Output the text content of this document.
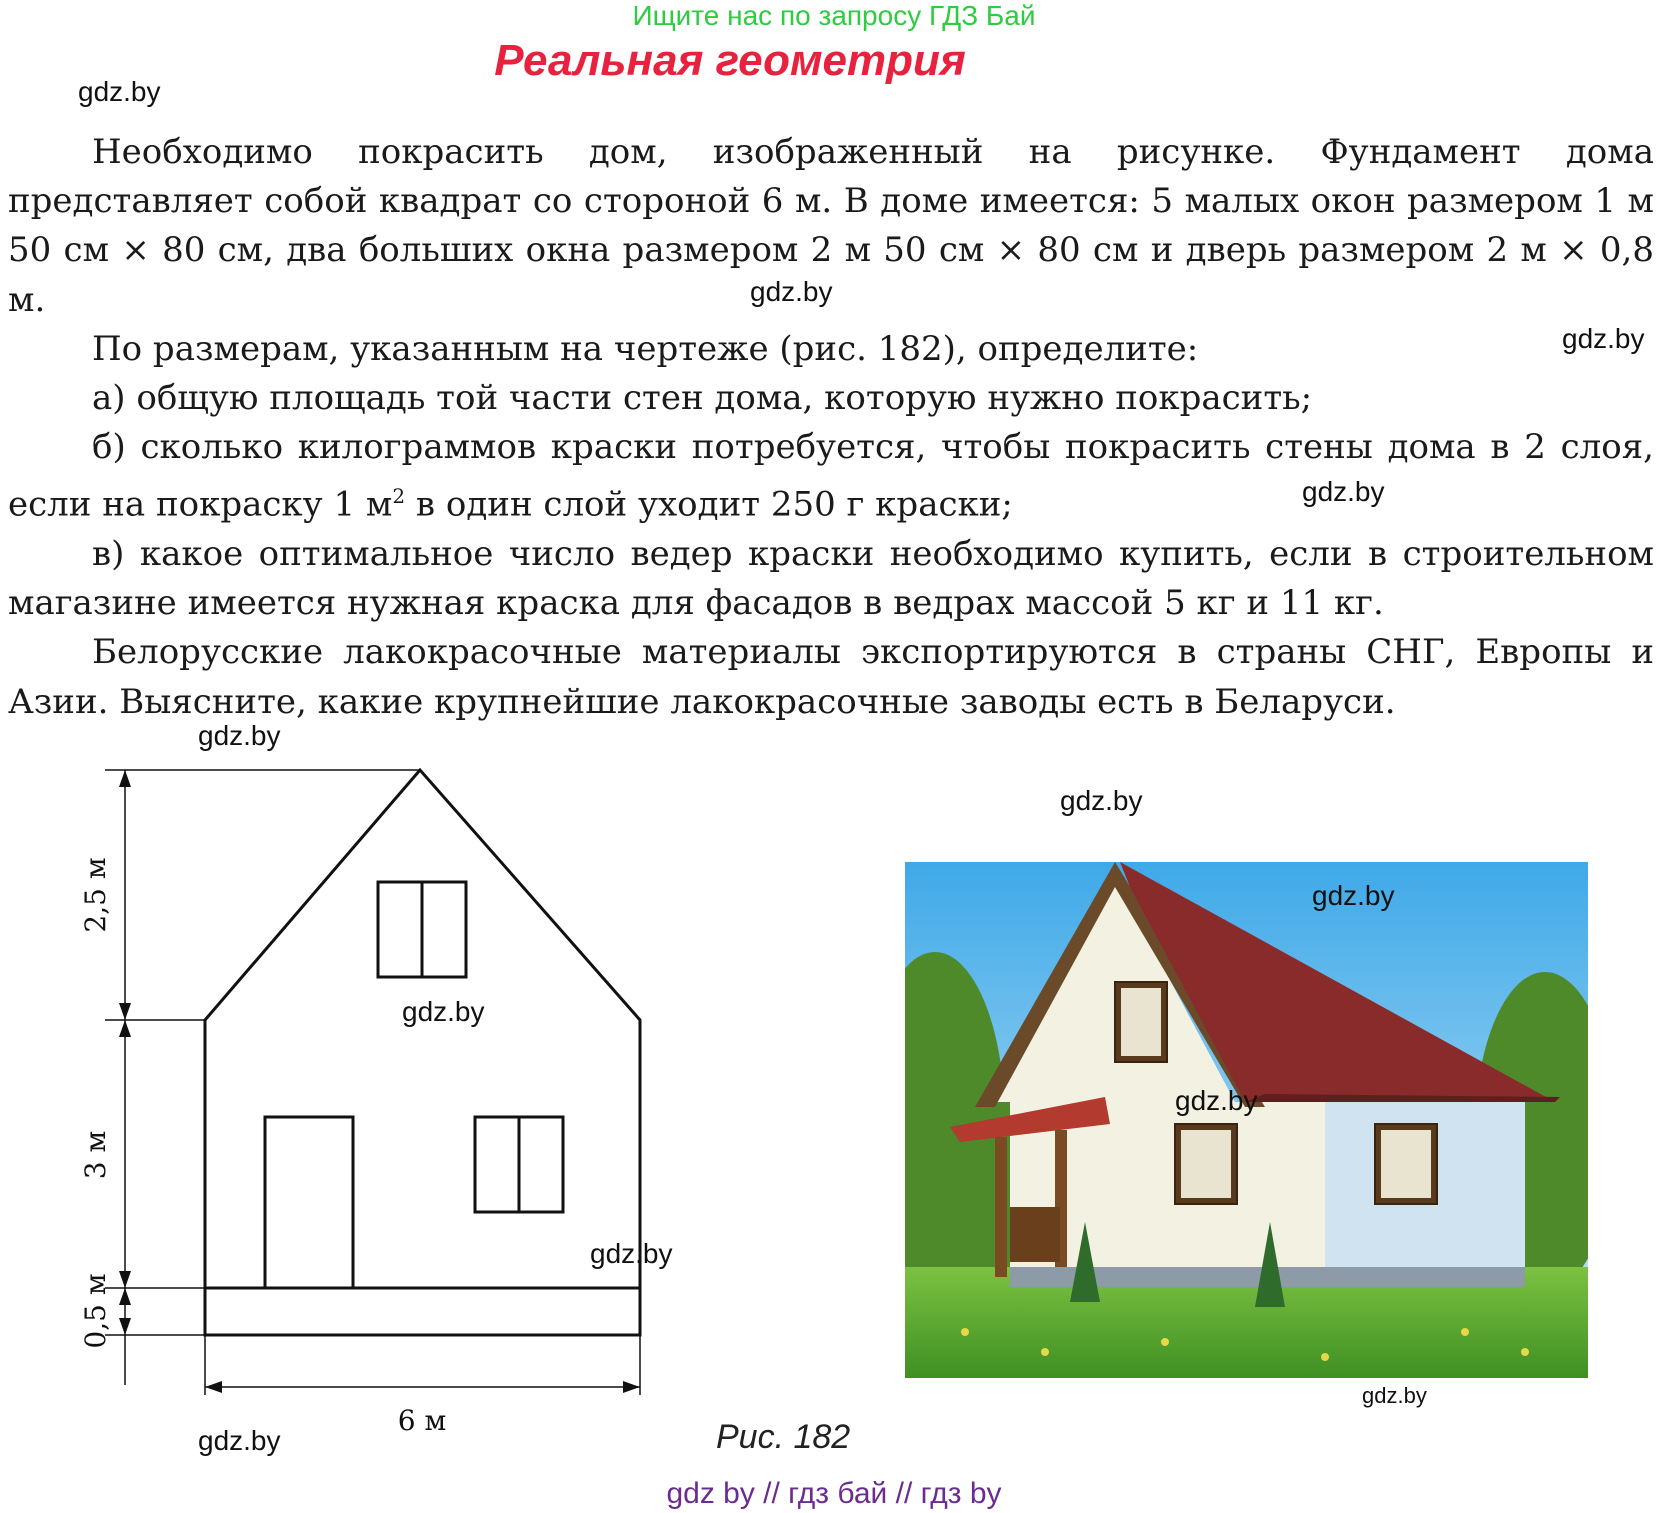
Ищите нас по запросу ГДЗ Бай
Реальная геометрия
gdz.by

Необходимо покрасить дом, изображенный на рисунке. Фундамент дома представляет собой квадрат со стороной 6 м. В доме имеется: 5 малых окон размером 1 м 50 см × 80 см, два больших окна размером 2 м 50 см × 80 см и дверь размером 2 м × 0,8 м.

По размерам, указанным на чертеже (рис. 182), определите:

а) общую площадь той части стен дома, которую нужно покрасить;

б) сколько килограммов краски потребуется, чтобы покрасить стены дома в 2 слоя, если на покраску 1 $м^2$ в один слой уходит 250 г краски;

в) какое оптимальное число ведер краски необходимо купить, если в строительном магазине имеется нужная краска для фасадов в ведрах массой 5 кг и 11 кг.

Белорусские лакокрасочные материалы экспортируются в страны СНГ, Европы и Азии. Выясните, какие крупнейшие лакокрасочные заводы есть в Беларуси.

gdz.by
gdz.by
gdz.by
gdz.by
2,5 м
3 м
0,5 м
6 м
gdz.by
gdz.by
gdz.by
gdz.by
gdz.by
gdz.by
gdz.by
Рис. 182
gdz by // гдз бай // гдз by
